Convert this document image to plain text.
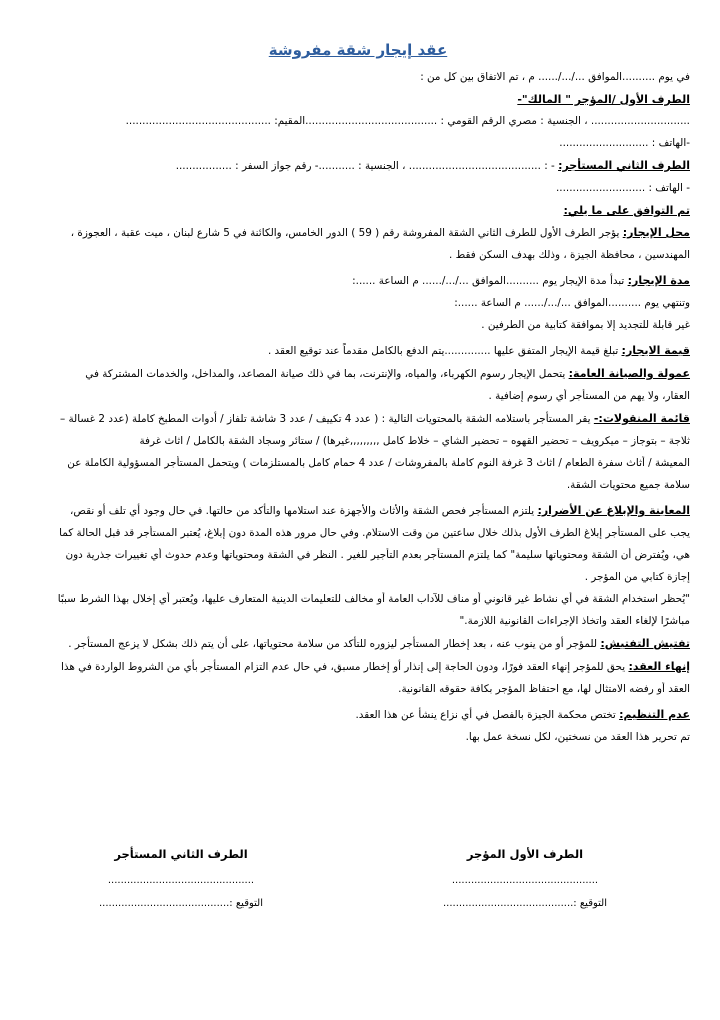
عقد إيجار شقة مفروشة

في يوم ..........الموافق .../.../...... م ، تم الاتفاق بين كل من :

الطرف الأول /المؤجر " المالك"-

.............................. ، الجنسية : مصري الرقم القومي : ........................................المقيم: ............................................

-الهاتف : ...........................

الطرف الثاني المستأجر: - : ........................................ ، الجنسية : ...........- رقم جواز السفر : .................

- الهاتف : ...........................

تم التوافق على ما يلي:

محل الإيجار: يؤجر الطرف الأول للطرف الثاني الشقة المفروشة رقم ( 59 ) الدور الخامس، والكائنة في 5 شارع لبنان ، ميت عقبة ، العجوزة ،

المهندسين ، محافظة الجيزة ، وذلك بهدف السكن فقط .

مدة الإيجار: تبدأ مدة الإيجار يوم ..........الموافق .../.../...... م الساعة ......:

وتنتهي يوم ..........الموافق .../.../...... م الساعة ......:

غير قابلة للتجديد إلا بموافقة كتابية من الطرفين .

قيمة الايجار: تبلغ قيمة الإيجار المتفق عليها ..............يتم الدفع بالكامل مقدماً عند توقيع العقد .

عمولة والصيانة العامة: يتحمل الإيجار رسوم الكهرباء، والمياه، والإنترنت، بما في ذلك صيانة المصاعد، والمداخل، والخدمات المشتركة في

العقار، ولا يهم من المستأجر أي رسوم إضافية .

قائمة المنقولات:- يقر المستأجر باستلامه الشقة بالمحتويات التالية : ( عدد 4 تكييف / عدد 3 شاشة تلفاز / أدوات المطبخ كاملة (عدد 2 غسالة –

ثلاجة – بتوجاز – ميكرويف – تحضير القهوه – تحضير الشاي – خلاط كامل ,,,,,,,,,غيرها) / ستائر وسجاد الشقة بالكامل / اثاث غرفة

المعيشة / أثاث سفرة الطعام / اثاث 3 غرفة النوم كاملة بالمفروشات / عدد 4 حمام كامل بالمستلزمات ) ويتحمل المستأجر المسؤولية الكاملة عن

سلامة جميع محتويات الشقة.

المعاينة والإبلاغ عن الأضرار: يلتزم المستأجر فحص الشقة والأثاث والأجهزة عند استلامها والتأكد من حالتها. في حال وجود أي تلف أو نقص،

يجب على المستأجر إبلاغ الطرف الأول بذلك خلال ساعتين من وقت الاستلام. وفي حال مرور هذه المدة دون إبلاغ، يُعتبر المستأجر قد قبل الحالة كما

هي، ويُفترض أن الشقة ومحتوياتها سليمة" كما يلتزم المستأجر بعدم التأجير للغير . النظر في الشقة ومحتوياتها وعدم حدوث أي تغييرات جذرية دون

إجازة كتابي من المؤجر .

"يُحظر استخدام الشقة في أي نشاط غير قانوني أو مناف للآداب العامة أو مخالف للتعليمات الدينية المتعارف عليها، ويُعتبر أي إخلال بهذا الشرط سببًا

مباشرًا لإلغاء العقد واتخاذ الإجراءات القانونية اللازمة."

تفتيش التفتيش: للمؤجر أو من ينوب عنه ، بعد إخطار المستأجر ليزوره للتأكد من سلامة محتوياتها، على أن يتم ذلك بشكل لا يزعج المستأجر .

إنهاء العقد: يحق للمؤجر إنهاء العقد فورًا، ودون الحاجة إلى إنذار أو إخطار مسبق، في حال عدم التزام المستأجر بأي من الشروط الواردة في هذا

العقد أو رفضه الامتثال لها، مع احتفاظ المؤجر بكافة حقوقه القانونية.

عدم التنظيم: تختص محكمة الجيزة بالفصل في أي نزاع ينشأ عن هذا العقد.

تم تحرير هذا العقد من نسختين، لكل نسخة عمل بها.

الطرف الأول المؤجر
..............................................
التوقيع :.........................................
الطرف الثاني المستأجر
..............................................
التوقيع :.........................................
